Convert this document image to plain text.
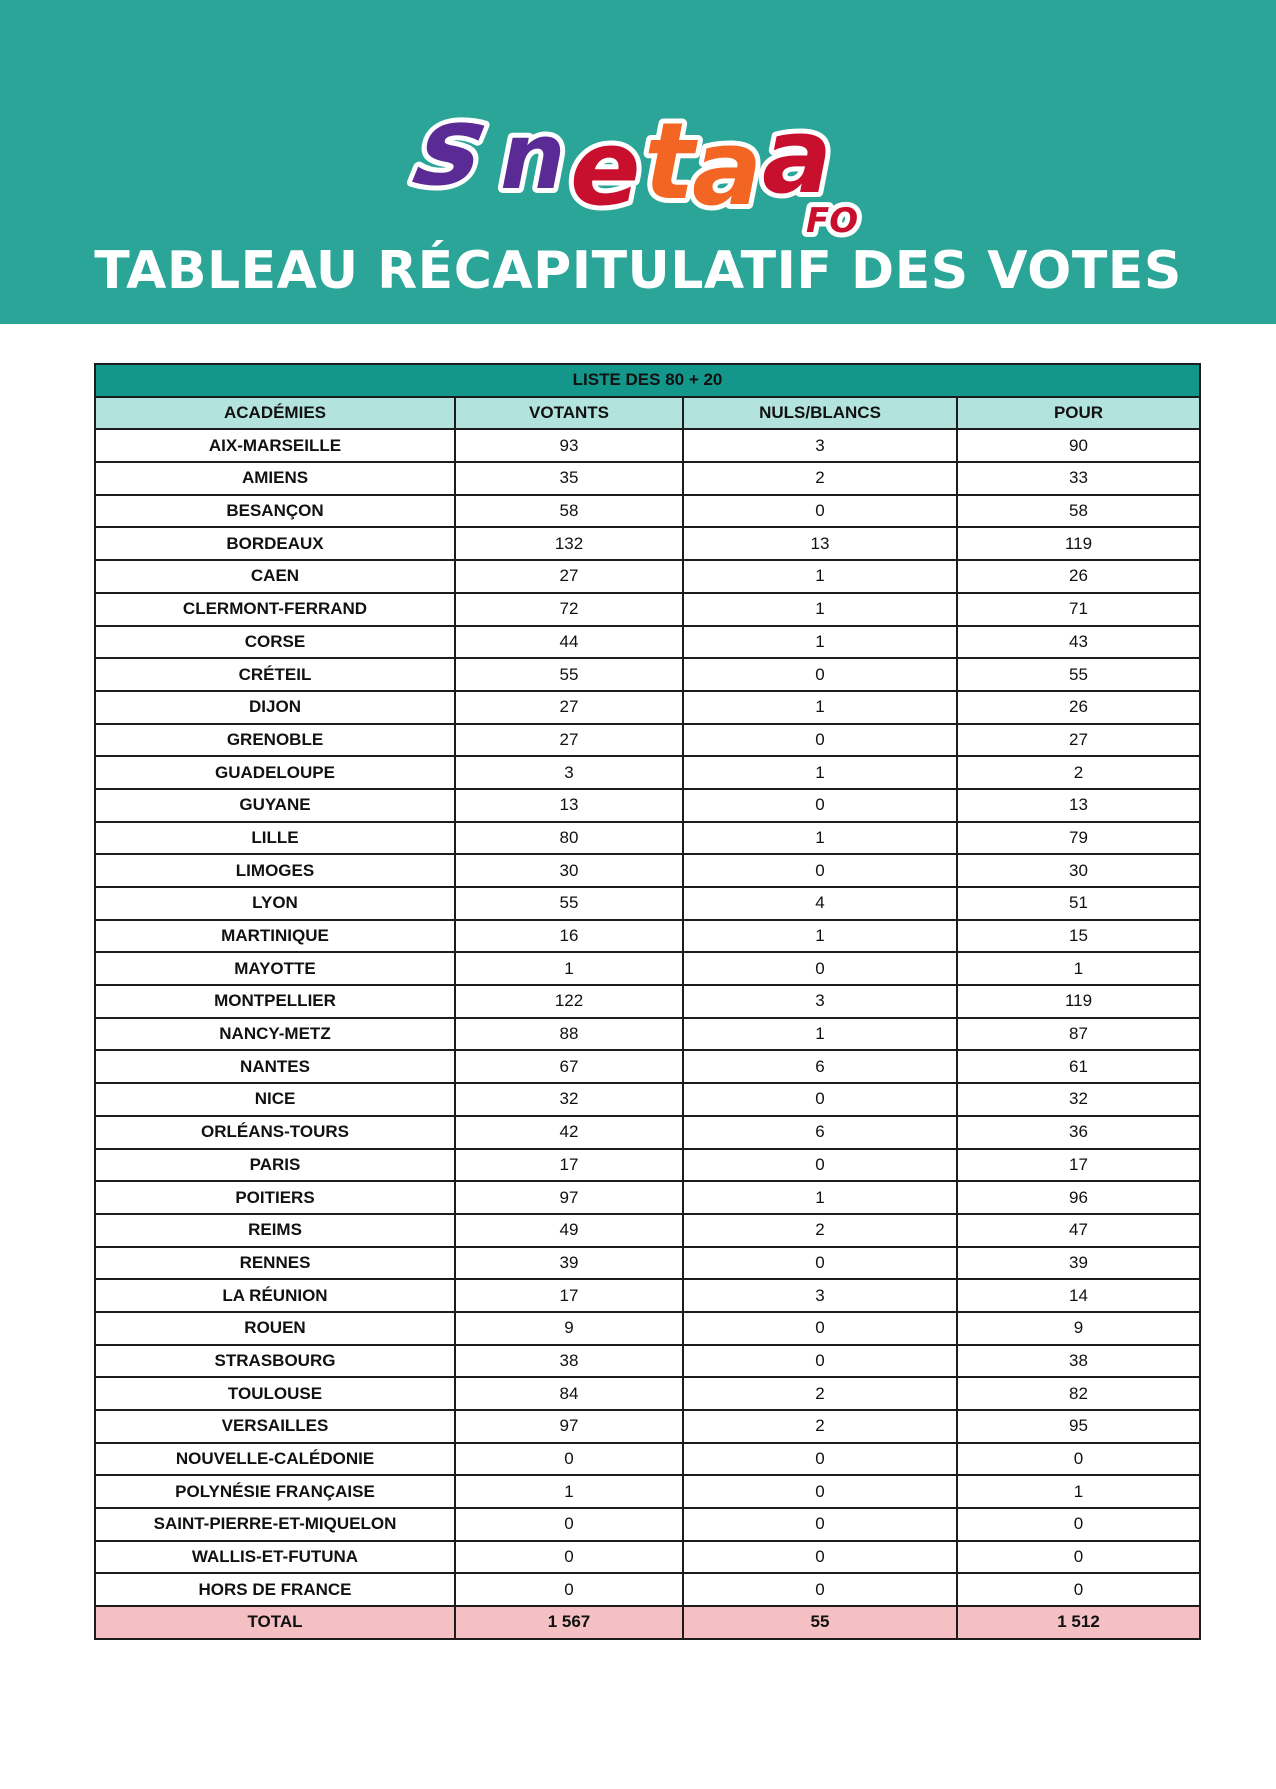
s n e t
a a
FO
TABLEAU RÉCAPITULATIF DES VOTES
LISTE DES 80 + 20			
ACADÉMIES	VOTANTS	NULS/BLANCS	POUR
AIX-MARSEILLE	93	3	90
AMIENS	35	2	33
BESANÇON	58	0	58
BORDEAUX	132	13	119
CAEN	27	1	26
CLERMONT-FERRAND	72	1	71
CORSE	44	1	43
CRÉTEIL	55	0	55
DIJON	27	1	26
GRENOBLE	27	0	27
GUADELOUPE	3	1	2
GUYANE	13	0	13
LILLE	80	1	79
LIMOGES	30	0	30
LYON	55	4	51
MARTINIQUE	16	1	15
MAYOTTE	1	0	1
MONTPELLIER	122	3	119
NANCY-METZ	88	1	87
NANTES	67	6	61
NICE	32	0	32
ORLÉANS-TOURS	42	6	36
PARIS	17	0	17
POITIERS	97	1	96
REIMS	49	2	47
RENNES	39	0	39
LA RÉUNION	17	3	14
ROUEN	9	0	9
STRASBOURG	38	0	38
TOULOUSE	84	2	82
VERSAILLES	97	2	95
NOUVELLE-CALÉDONIE	0	0	0
POLYNÉSIE FRANÇAISE	1	0	1
SAINT-PIERRE-ET-MIQUELON	0	0	0
WALLIS-ET-FUTUNA	0	0	0
HORS DE FRANCE	0	0	0
TOTAL	1 567	55	1 512
